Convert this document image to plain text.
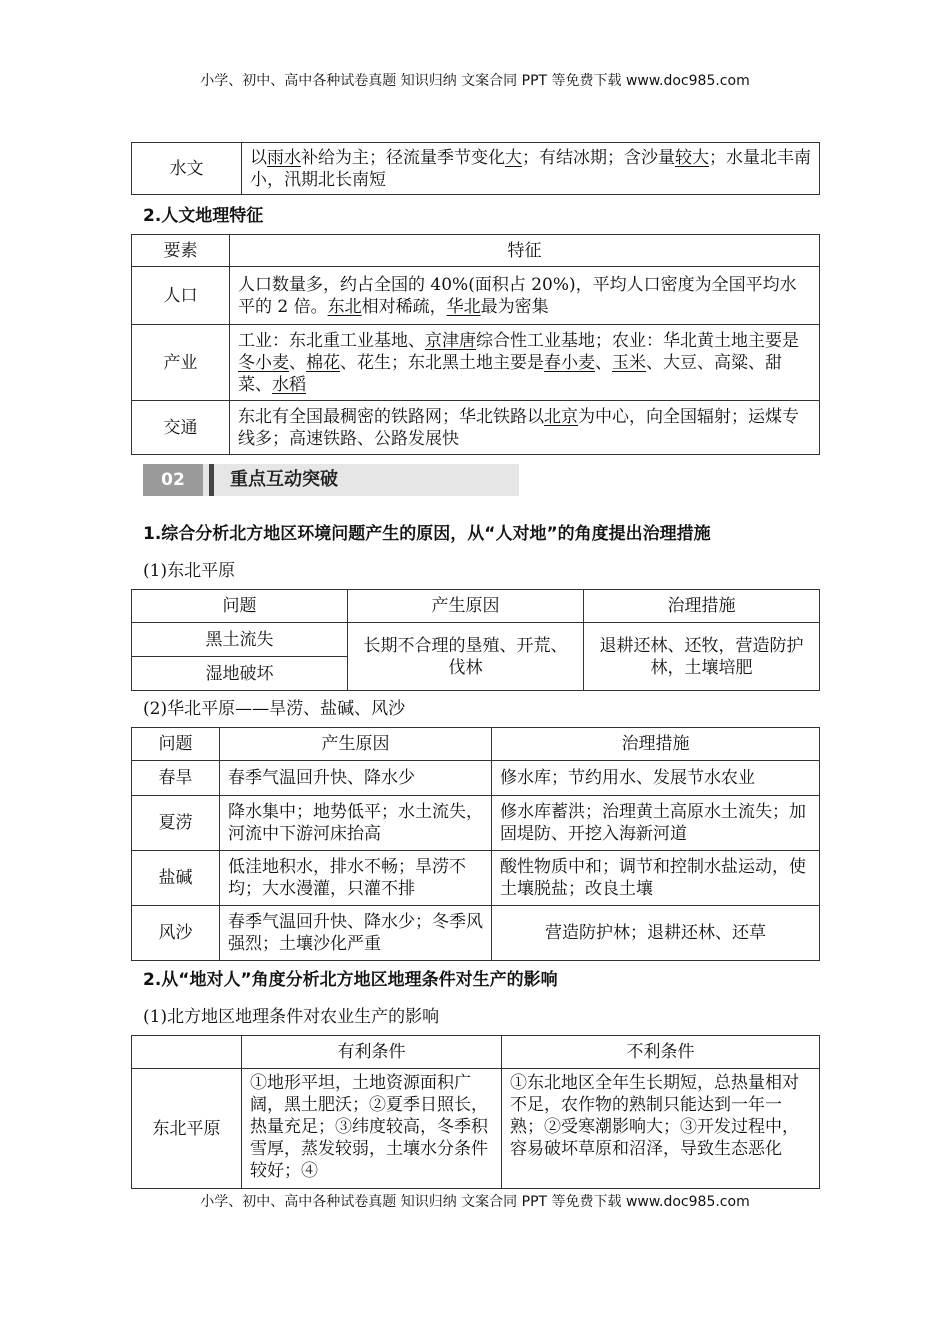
小学、初中、高中各种试卷真题 知识归纳 文案合同 PPT 等免费下载 www.doc985.com
水文	以雨水补给为主；径流量季节变化大；有结冰期；含沙量较大；水量北丰南小，汛期北长南短
2.人文地理特征
要素	特征
人口	人口数量多，约占全国的 40%(面积占 20%)，平均人口密度为全国平均水平的 2 倍。东北相对稀疏，华北最为密集
产业	工业：东北重工业基地、京津唐综合性工业基地；农业：华北黄土地主要是冬小麦、棉花、花生；东北黑土地主要是春小麦、玉米、大豆、高粱、甜菜、水稻
交通	东北有全国最稠密的铁路网；华北铁路以北京为中心，向全国辐射；运煤专线多；高速铁路、公路发展快
02	重点互动突破
1.综合分析北方地区环境问题产生的原因，从“人对地”的角度提出治理措施
(1)东北平原
问题	产生原因	治理措施
黑土流失	长期不合理的垦殖、开荒、伐林	退耕还林、还牧，营造防护林，土壤培肥
湿地破坏		
(2)华北平原——旱涝、盐碱、风沙
问题	产生原因	治理措施
春旱	春季气温回升快、降水少	修水库；节约用水、发展节水农业
夏涝	降水集中；地势低平；水土流失，河流中下游河床抬高	修水库蓄洪；治理黄土高原水土流失；加固堤防、开挖入海新河道
盐碱	低洼地积水，排水不畅；旱涝不均；大水漫灌，只灌不排	酸性物质中和；调节和控制水盐运动，使土壤脱盐；改良土壤
风沙	春季气温回升快、降水少；冬季风强烈；土壤沙化严重	营造防护林；退耕还林、还草
2.从“地对人”角度分析北方地区地理条件对生产的影响
(1)北方地区地理条件对农业生产的影响
	有利条件	不利条件
东北平原	①地形平坦，土地资源面积广阔，黑土肥沃；②夏季日照长，热量充足；③纬度较高，冬季积雪厚，蒸发较弱，土壤水分条件较好；④	①东北地区全年生长期短，总热量相对不足，农作物的熟制只能达到一年一熟；②受寒潮影响大；③开发过程中，容易破坏草原和沼泽，导致生态恶化
小学、初中、高中各种试卷真题 知识归纳 文案合同 PPT 等免费下载 www.doc985.com
